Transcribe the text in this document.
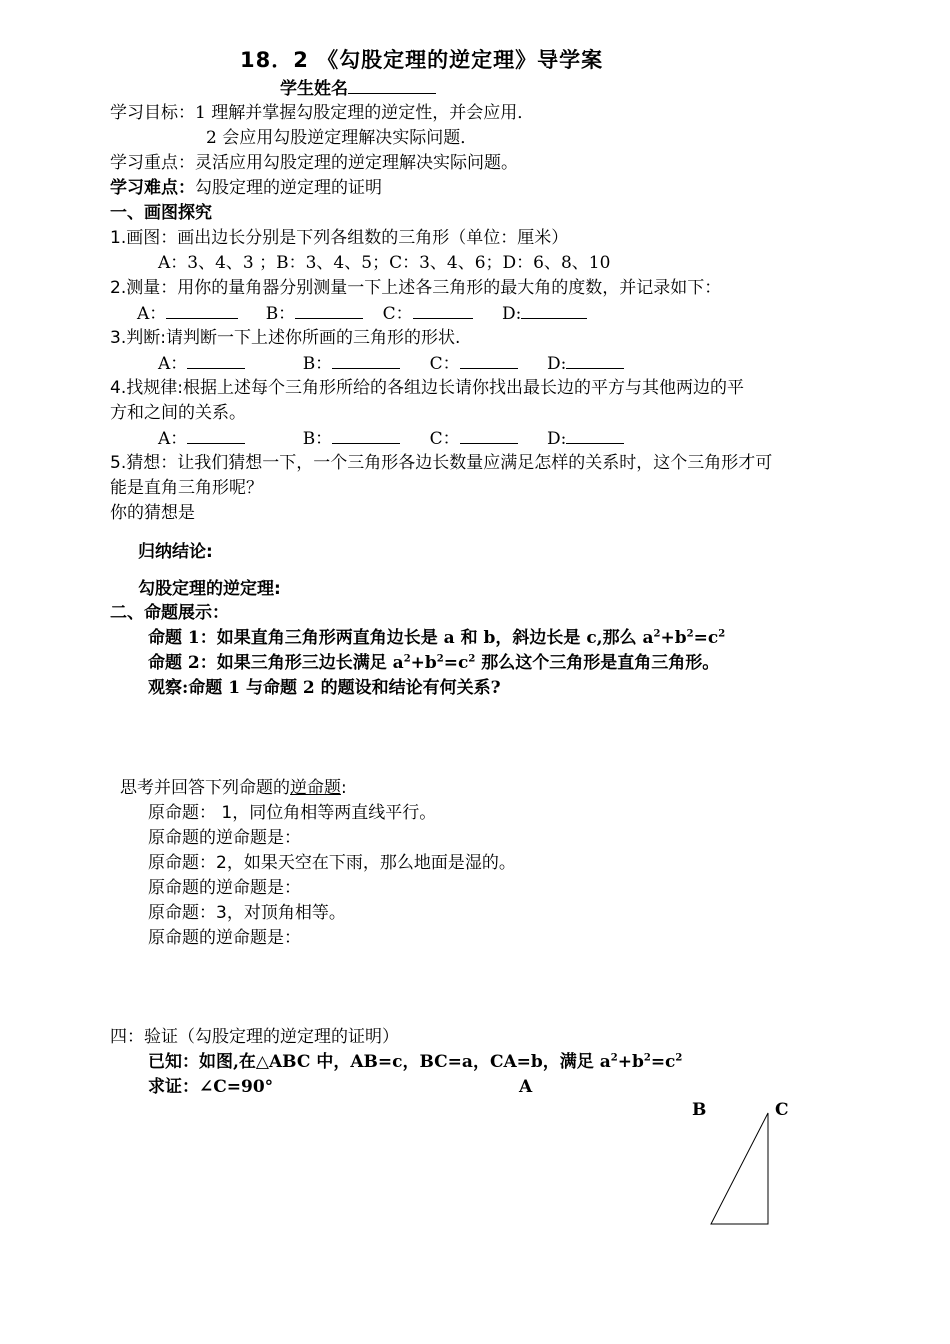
18．2 《勾股定理的逆定理》导学案
学生姓名
学习目标：1 理解并掌握勾股定理的逆定性，并会应用．
2 会应用勾股逆定理解决实际问题．
学习重点：灵活应用勾股定理的逆定理解决实际问题。
学习难点：勾股定理的逆定理的证明
一、画图探究
1.画图：画出边长分别是下列各组数的三角形（单位：厘米）
A：3、4、3 ；B：3、4、5；C：3、4、6；D：6、8、10
2.测量：用你的量角器分别测量一下上述各三角形的最大角的度数，并记录如下：
A：	B：	C：	D:
3.判断:请判断一下上述你所画的三角形的形状.
A：	B：	C：	D:
4.找规律:根据上述每个三角形所给的各组边长请你找出最长边的平方与其他两边的平
方和之间的关系。
A：	B：	C：	D:
5.猜想：让我们猜想一下，一个三角形各边长数量应满足怎样的关系时，这个三角形才可
能是直角三角形呢？
你的猜想是
归纳结论:
勾股定理的逆定理:
二、命题展示：
命题 1：如果直角三角形两直角边长是 a 和 b，斜边长是 c,那么 $a^2+b^2=c^2$
命题 2：如果三角形三边长满足 $a^2+b^2=c^2$ 那么这个三角形是直角三角形。
观察:命题 1 与命题 2 的题设和结论有何关系?
思考并回答下列命题的逆命题:
原命题： 1，同位角相等两直线平行。
原命题的逆命题是：
原命题：2，如果天空在下雨，那么地面是湿的。
原命题的逆命题是：
原命题：3，对顶角相等。
原命题的逆命题是：
四：验证（勾股定理的逆定理的证明）
已知：如图,在△ABC 中，AB=c，BC=a，CA=b，满足 $a^2+b^2=c^2$
求证：∠C=90°	A
B	C
